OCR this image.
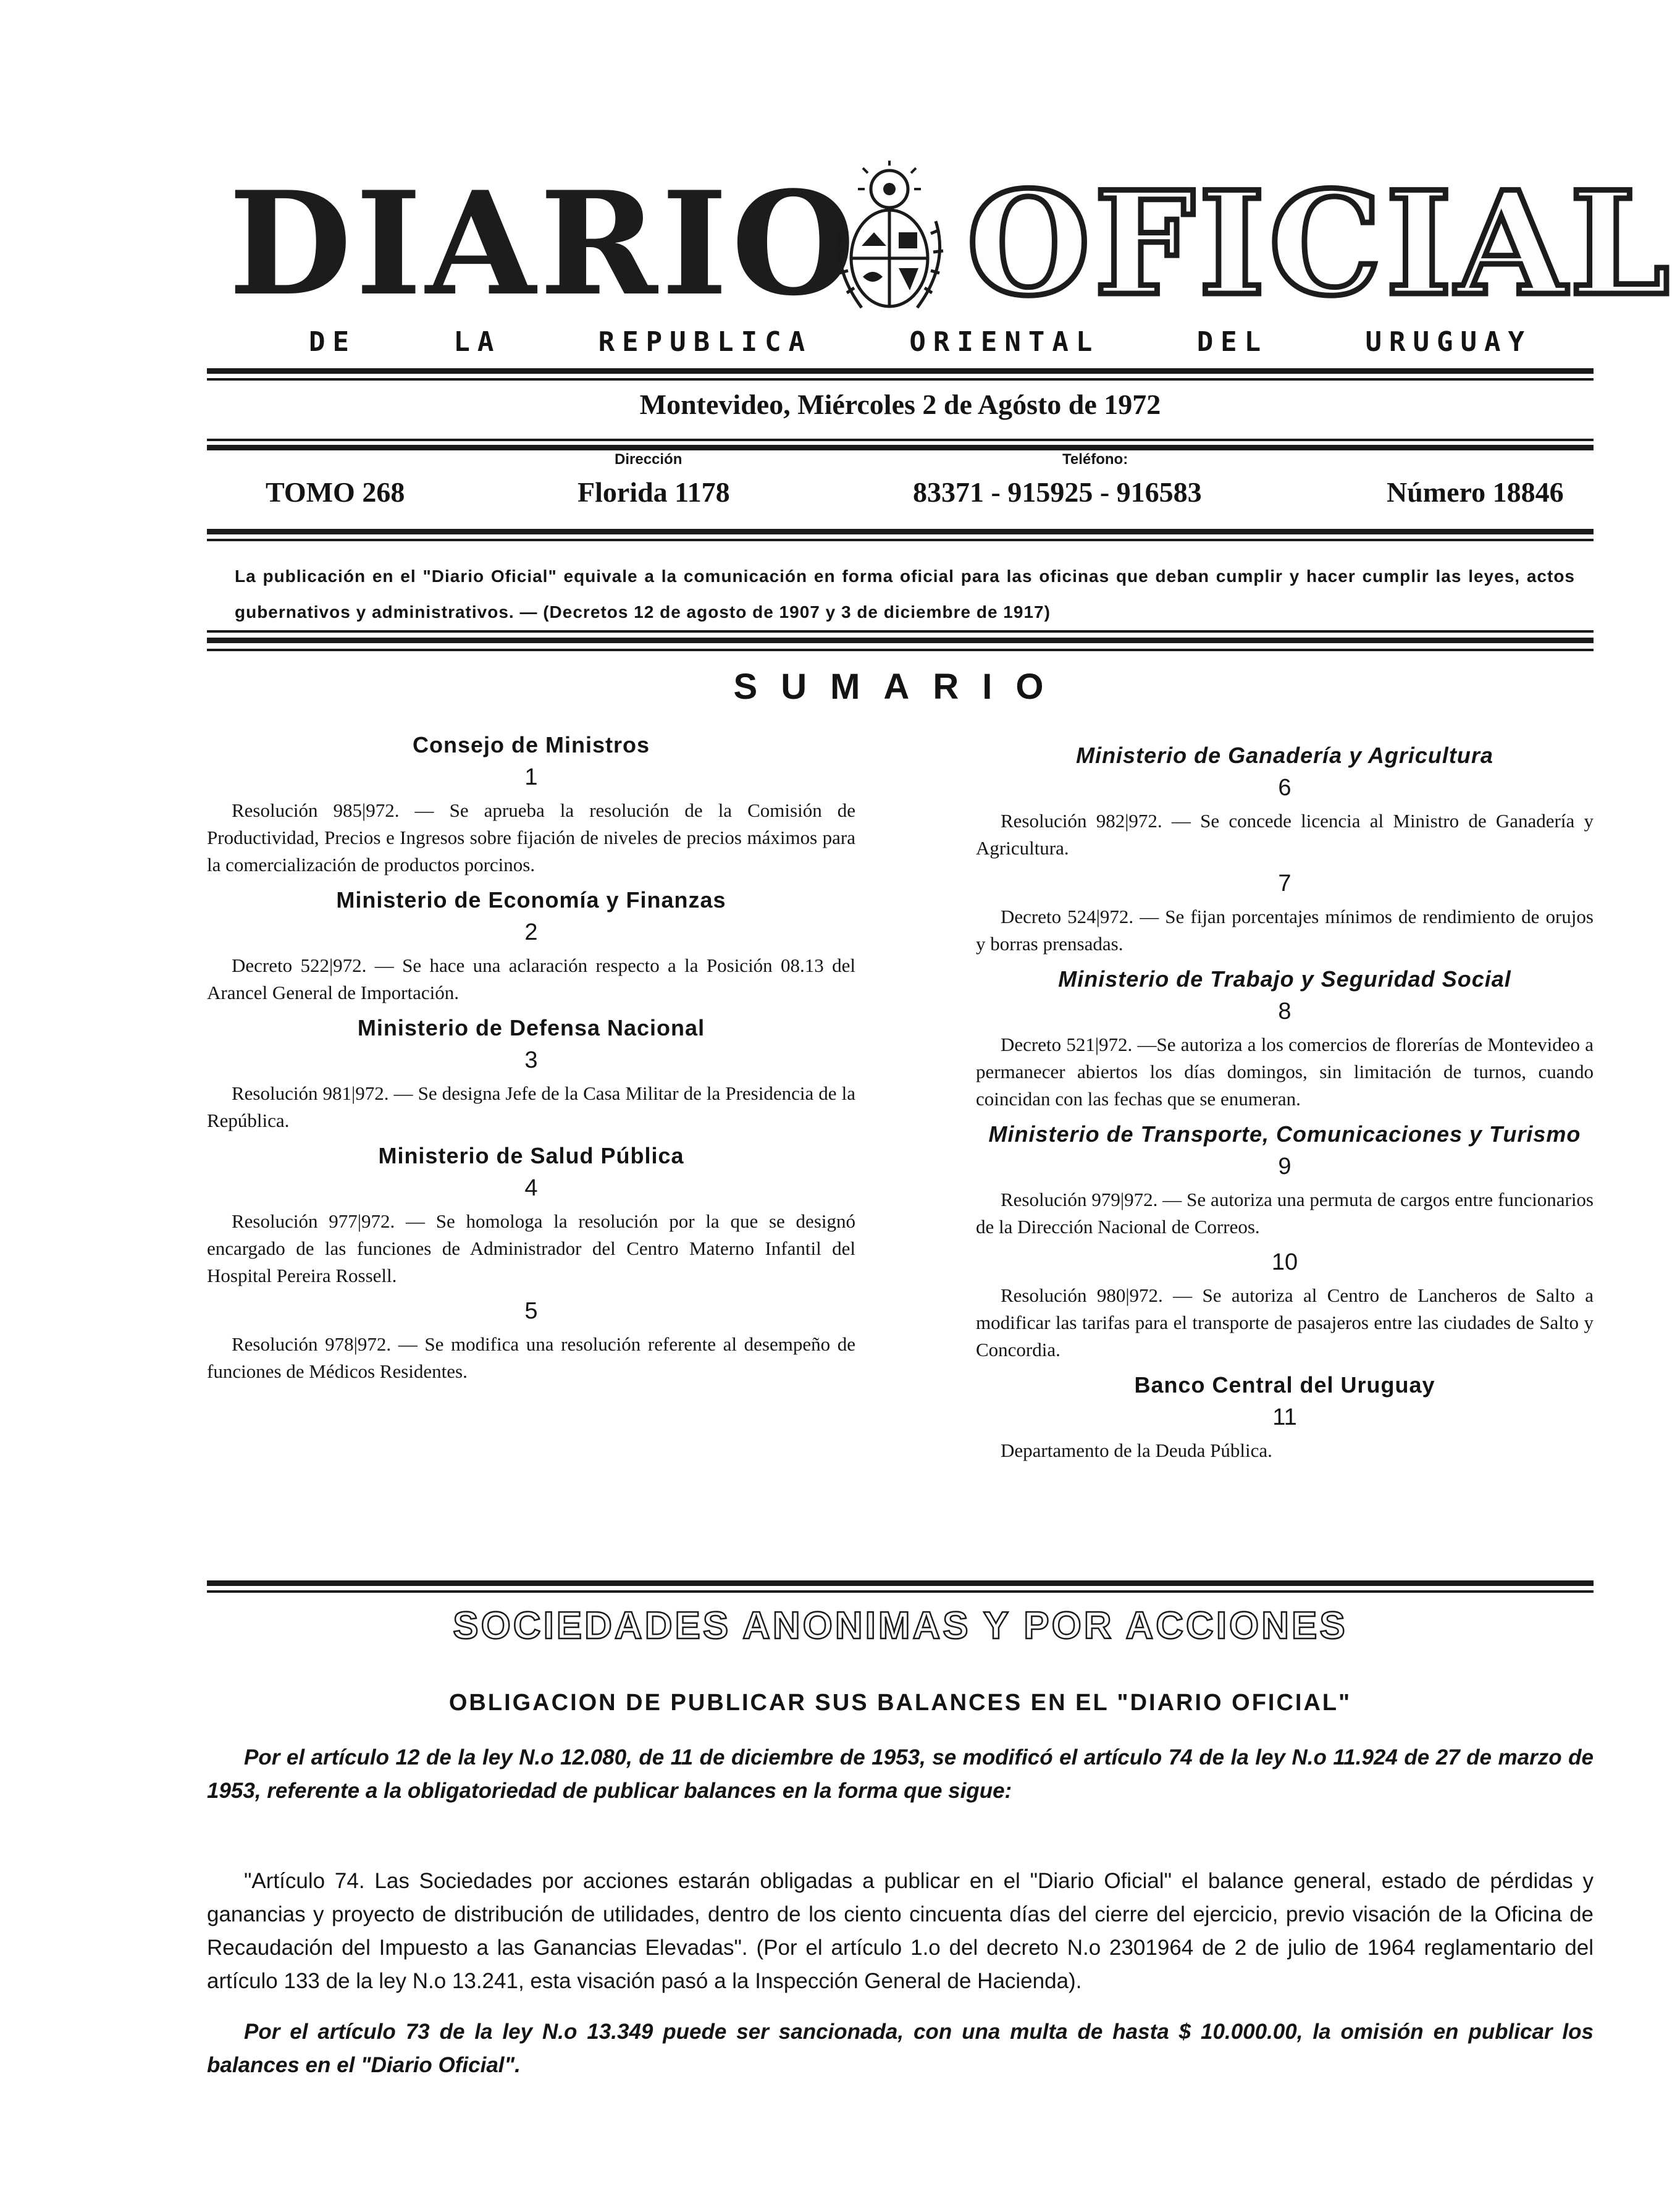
DIARIO OFICIAL
DE	LA	REPUBLICA	ORIENTAL	DEL	URUGUAY
Montevideo, Miércoles 2 de Agósto de 1972
Dirección	Teléfono:
TOMO 268	Florida 1178	83371 - 915925 - 916583	Número 18846
La publicación en el "Diario Oficial" equivale a la comunicación en forma oficial para las oficinas que deban cumplir y hacer cumplir las leyes, actos gubernativos y administrativos. — (Decretos 12 de agosto de 1907 y 3 de diciembre de 1917)
SUMARIO
Consejo de Ministros
1

Resolución 985|972. — Se aprueba la resolución de la Comisión de Productividad, Precios e Ingresos sobre fijación de niveles de precios máximos para la comercialización de productos porcinos.

Ministerio de Economía y Finanzas
2

Decreto 522|972. — Se hace una aclaración respecto a la Posición 08.13 del Arancel General de Importación.

Ministerio de Defensa Nacional
3

Resolución 981|972. — Se designa Jefe de la Casa Militar de la Presidencia de la República.

Ministerio de Salud Pública
4

Resolución 977|972. — Se homologa la resolución por la que se designó encargado de las funciones de Administrador del Centro Materno Infantil del Hospital Pereira Rossell.

5

Resolución 978|972. — Se modifica una resolución referente al desempeño de funciones de Médicos Residentes.

Ministerio de Ganadería y Agricultura
6

Resolución 982|972. — Se concede licencia al Ministro de Ganadería y Agricultura.

7

Decreto 524|972. — Se fijan porcentajes mínimos de rendimiento de orujos y borras prensadas.

Ministerio de Trabajo y Seguridad Social
8

Decreto 521|972. —Se autoriza a los comercios de florerías de Montevideo a permanecer abiertos los días domingos, sin limitación de turnos, cuando coincidan con las fechas que se enumeran.

Ministerio de Transporte, Comunicaciones y Turismo
9

Resolución 979|972. — Se autoriza una permuta de cargos entre funcionarios de la Dirección Nacional de Correos.

10

Resolución 980|972. — Se autoriza al Centro de Lancheros de Salto a modificar las tarifas para el transporte de pasajeros entre las ciudades de Salto y Concordia.

Banco Central del Uruguay
11

Departamento de la Deuda Pública.

SOCIEDADES ANONIMAS Y POR ACCIONES
OBLIGACION DE PUBLICAR SUS BALANCES EN EL "DIARIO OFICIAL"
Por el artículo 12 de la ley N.o 12.080, de 11 de diciembre de 1953, se modificó el artículo 74 de la ley N.o 11.924 de 27 de marzo de 1953, referente a la obligatoriedad de publicar balances en la forma que sigue:
"Artículo 74. Las Sociedades por acciones estarán obligadas a publicar en el "Diario Oficial" el balance general, estado de pérdidas y ganancias y proyecto de distribución de utilidades, dentro de los ciento cincuenta días del cierre del ejercicio, previo visación de la Oficina de Recaudación del Impuesto a las Ganancias Elevadas". (Por el artículo 1.o del decreto N.o 2301964 de 2 de julio de 1964 reglamentario del artículo 133 de la ley N.o 13.241, esta visación pasó a la Inspección General de Hacienda).
Por el artículo 73 de la ley N.o 13.349 puede ser sancionada, con una multa de hasta $ 10.000.00, la omisión en publicar los balances en el "Diario Oficial".
